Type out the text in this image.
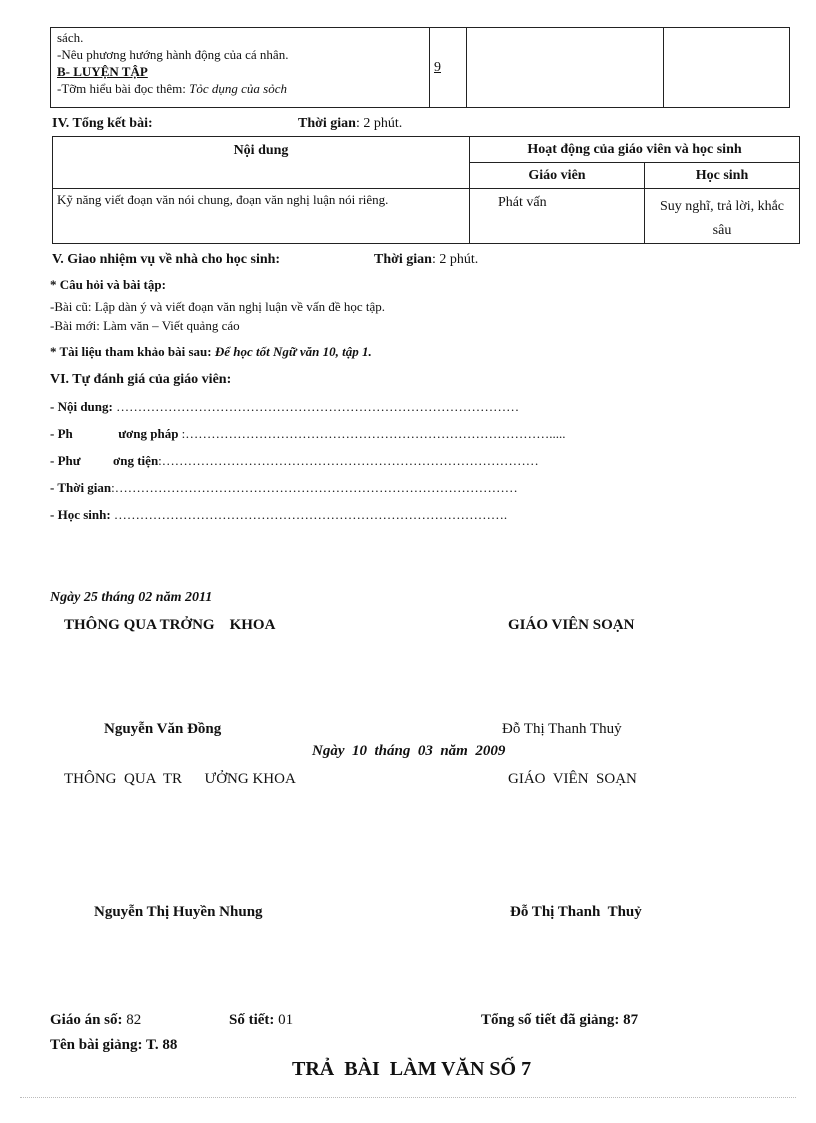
sách.
-Nêu phương hướng hành động của cá nhân.
B- LUYỆN TẬP
-Tỡm hiểu bài đọc thêm: Tỏc dụng của sỏch
	9		
IV. Tổng kết bài:	Thời gian: 2 phút.
Nội dung	Hoạt động của giáo viên và học sinh	
	Giáo viên	Học sinh
Kỹ năng viết đoạn văn nói chung, đoạn văn nghị luận nói riêng.	Phát vấn	Suy nghĩ, trả lời, khắc sâu
V. Giao nhiệm vụ về nhà cho học sinh:	Thời gian: 2 phút.
* Câu hỏi và bài tập:
-Bài cũ: Lập dàn ý và viết đoạn văn nghị luận về vấn đề học tập.
-Bài mới: Làm văn – Viết quảng cáo
* Tài liệu tham khảo bài sau: Để học tốt Ngữ văn 10, tập 1.
VI. Tự đánh giá của giáo viên:
- Nội dung: …………………………………………………………………………………
- Ph              ương pháp :………………………………………………………………………….....
- Phư          ơng tiện:……………………………………………………………………………
- Thời gian:…………………………………………………………………………………
- Học sinh: ……………………………………………………………………………….
Ngày 25 tháng 02 năm 2011
THÔNG QUA TRỞNG    KHOA	GIÁO VIÊN SOẠN
Nguyễn Văn Đồng	Đỗ Thị Thanh Thuỷ
Ngày  10  tháng  03  năm  2009
THÔNG  QUA  TR      ƯỞNG KHOA	GIÁO  VIÊN  SOẠN
Nguyễn Thị Huyền Nhung	Đỗ Thị Thanh  Thuỷ
Giáo án số: 82	Số tiết: 01	Tổng số tiết đã giảng: 87
Tên bài giảng: T. 88
TRẢ  BÀI  LÀM VĂN SỐ 7
